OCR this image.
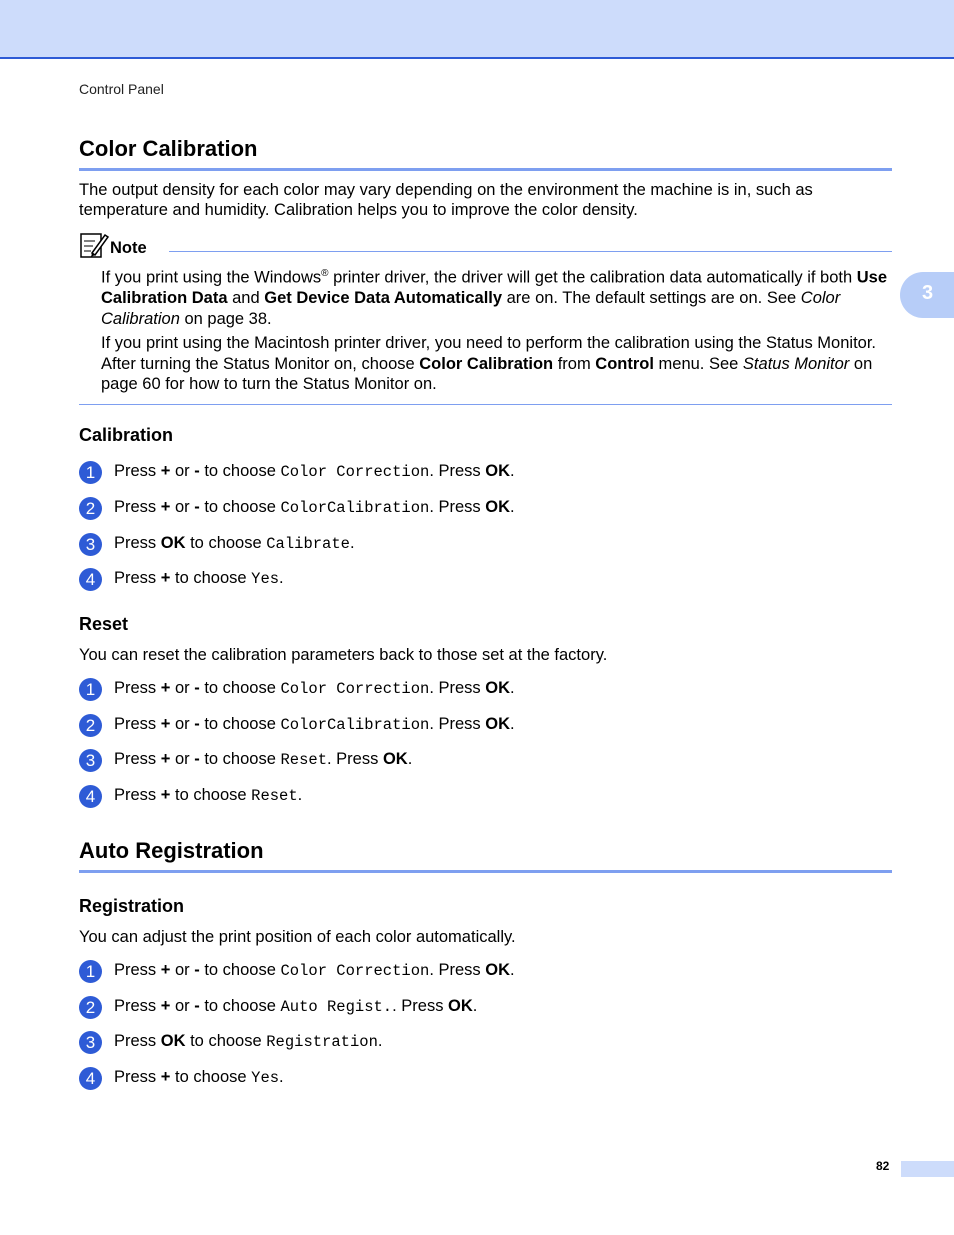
Control Panel
3
Color Calibration

The output density for each color may vary depending on the environment the machine is in, such as temperature and humidity. Calibration helps you to improve the color density.

Note

If you print using the Windows® printer driver, the driver will get the calibration data automatically if both Use Calibration Data and Get Device Data Automatically are on. The default settings are on. See Color Calibration on page 38.

If you print using the Macintosh printer driver, you need to perform the calibration using the Status Monitor. After turning the Status Monitor on, choose Color Calibration from Control menu. See Status Monitor on page 60 for how to turn the Status Monitor on.

Calibration
1	Press + or - to choose Color Correction. Press OK.
2	Press + or - to choose ColorCalibration. Press OK.
3	Press OK to choose Calibrate.
4	Press + to choose Yes.
Reset

You can reset the calibration parameters back to those set at the factory.

1	Press + or - to choose Color Correction. Press OK.
2	Press + or - to choose ColorCalibration. Press OK.
3	Press + or - to choose Reset. Press OK.
4	Press + to choose Reset.
Auto Registration
Registration

You can adjust the print position of each color automatically.

1	Press + or - to choose Color Correction. Press OK.
2	Press + or - to choose Auto Regist.. Press OK.
3	Press OK to choose Registration.
4	Press + to choose Yes.
82
